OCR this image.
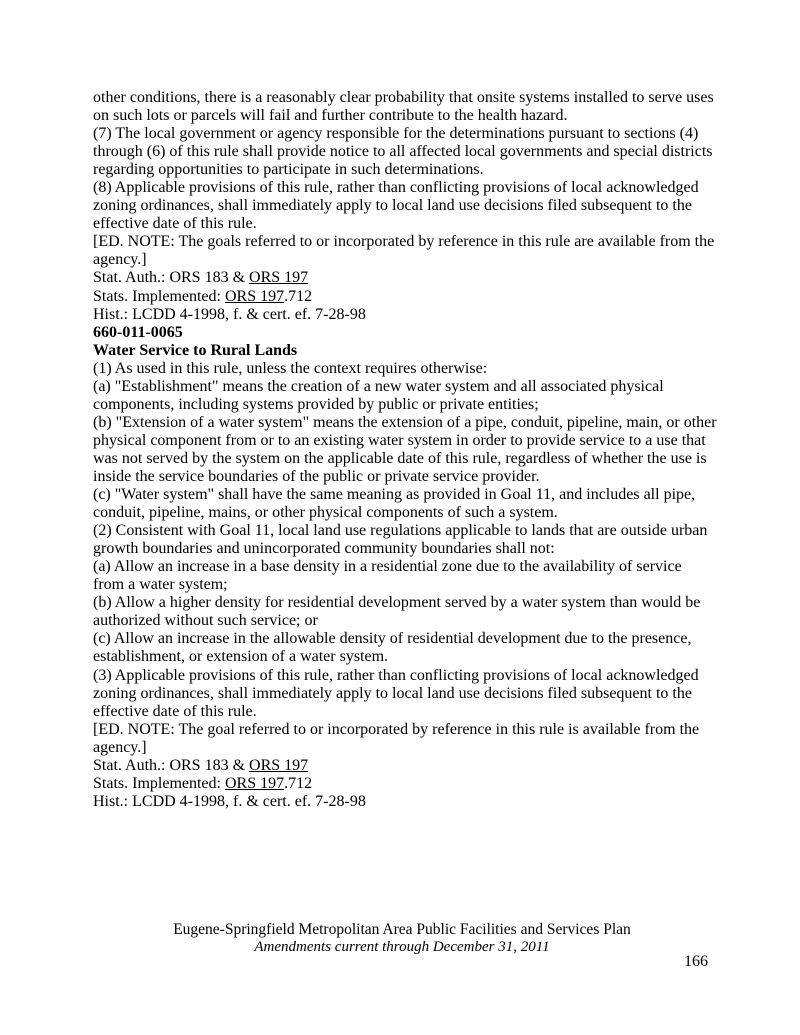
other conditions, there is a reasonably clear probability that onsite systems installed to serve uses
on such lots or parcels will fail and further contribute to the health hazard.
(7) The local government or agency responsible for the determinations pursuant to sections (4)
through (6) of this rule shall provide notice to all affected local governments and special districts
regarding opportunities to participate in such determinations.
(8) Applicable provisions of this rule, rather than conflicting provisions of local acknowledged
zoning ordinances, shall immediately apply to local land use decisions filed subsequent to the
effective date of this rule.
[ED. NOTE: The goals referred to or incorporated by reference in this rule are available from the
agency.]
Stat. Auth.: ORS 183 & ORS 197
Stats. Implemented: ORS 197.712
Hist.: LCDD 4-1998, f. & cert. ef. 7-28-98
660-011-0065
Water Service to Rural Lands
(1) As used in this rule, unless the context requires otherwise:
(a) "Establishment" means the creation of a new water system and all associated physical
components, including systems provided by public or private entities;
(b) "Extension of a water system" means the extension of a pipe, conduit, pipeline, main, or other
physical component from or to an existing water system in order to provide service to a use that
was not served by the system on the applicable date of this rule, regardless of whether the use is
inside the service boundaries of the public or private service provider.
(c) "Water system" shall have the same meaning as provided in Goal 11, and includes all pipe,
conduit, pipeline, mains, or other physical components of such a system.
(2) Consistent with Goal 11, local land use regulations applicable to lands that are outside urban
growth boundaries and unincorporated community boundaries shall not:
(a) Allow an increase in a base density in a residential zone due to the availability of service
from a water system;
(b) Allow a higher density for residential development served by a water system than would be
authorized without such service; or
(c) Allow an increase in the allowable density of residential development due to the presence,
establishment, or extension of a water system.
(3) Applicable provisions of this rule, rather than conflicting provisions of local acknowledged
zoning ordinances, shall immediately apply to local land use decisions filed subsequent to the
effective date of this rule.
[ED. NOTE: The goal referred to or incorporated by reference in this rule is available from the
agency.]
Stat. Auth.: ORS 183 & ORS 197
Stats. Implemented: ORS 197.712
Hist.: LCDD 4-1998, f. & cert. ef. 7-28-98
Eugene-Springfield Metropolitan Area Public Facilities and Services Plan
Amendments current through December 31, 2011
166
